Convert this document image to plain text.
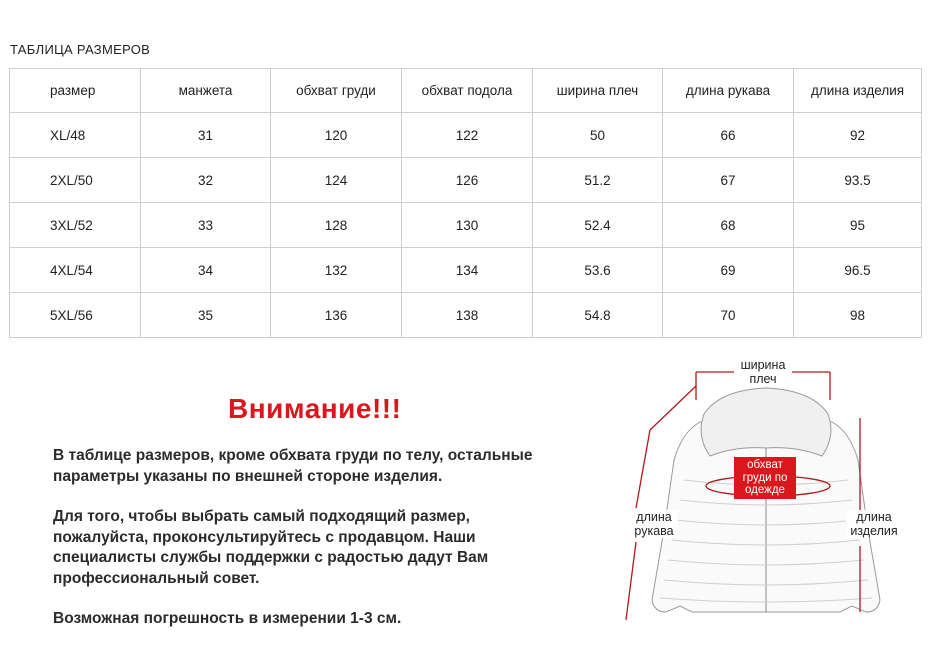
ТАБЛИЦА РАЗМЕРОВ
размер	манжета	обхват груди	обхват подола	ширина плеч	длина рукава	длина изделия
XL/48	31	120	122	50	66	92
2XL/50	32	124	126	51.2	67	93.5
3XL/52	33	128	130	52.4	68	95
4XL/54	34	132	134	53.6	69	96.5
5XL/56	35	136	138	54.8	70	98
Внимание!!!

В таблице размеров, кроме обхвата груди по телу, остальные
параметры указаны по внешней стороне изделия.

Для того, чтобы выбрать самый подходящий размер,
пожалуйста, проконсультируйтесь с продавцом. Наши
специалисты службы поддержки с радостью дадут Вам
профессиональный совет.

Возможная погрешность в измерении 1-3 см.

ширина
плеч
обхват
груди по
одежде
длина
рукава
длина
изделия
